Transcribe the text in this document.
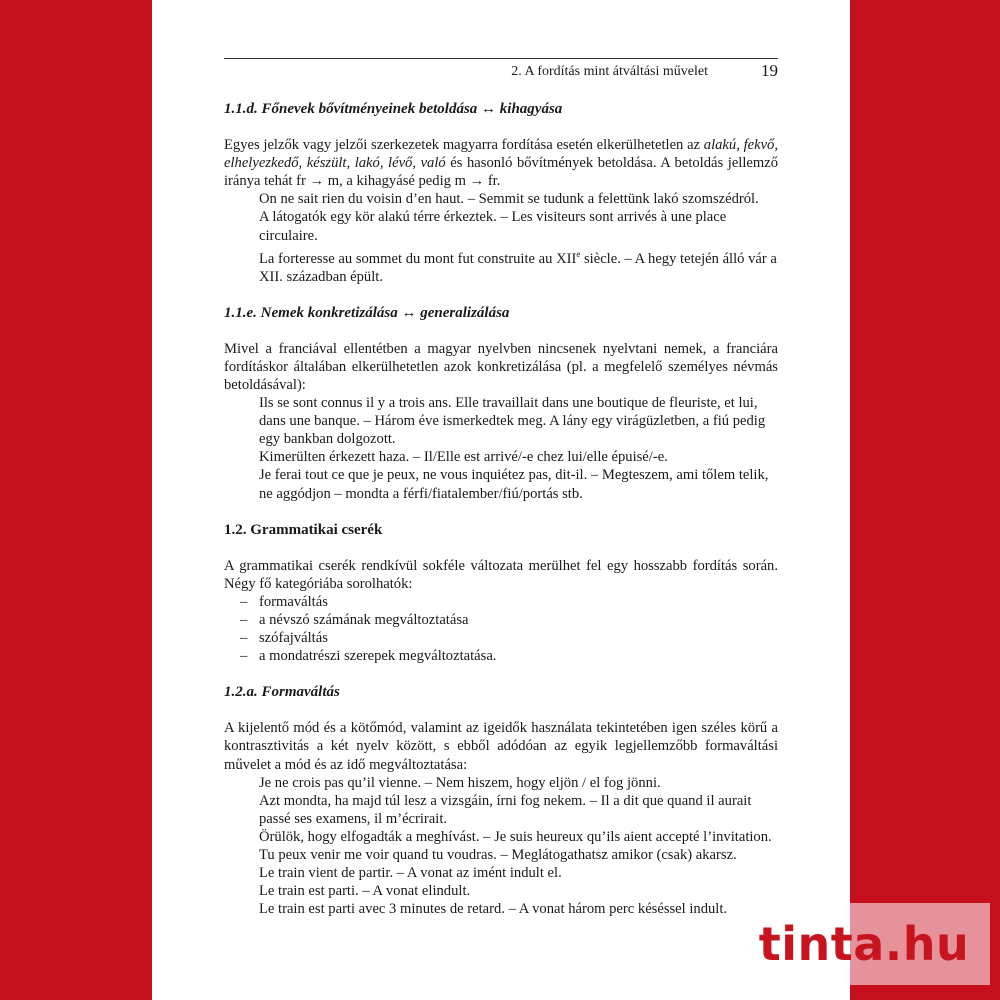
2. A fordítás mint átváltási művelet	19

1.1.d. Főnevek bővítményeinek betoldása ↔ kihagyása

Egyes jelzők vagy jelzői szerkezetek magyarra fordítása esetén elkerülhetetlen az alakú, fekvő, elhelyezkedő, készült, lakó, lévő, való és hasonló bővítmények betoldása. A betoldás jellemző iránya tehát fr → m, a kihagyásé pedig m → fr.

On ne sait rien du voisin d’en haut. – Semmit se tudunk a felettünk lakó szomszédról.

A látogatók egy kör alakú térre érkeztek. – Les visiteurs sont arrivés à une place circulaire.

La forteresse au sommet du mont fut construite au XIIe siècle. – A hegy tetején álló vár a XII. században épült.

1.1.e. Nemek konkretizálása ↔ generalizálása

Mivel a franciával ellentétben a magyar nyelvben nincsenek nyelvtani nemek, a franciára fordításkor általában elkerülhetetlen azok konkretizálása (pl. a megfelelő személyes névmás betoldásával):

Ils se sont connus il y a trois ans. Elle travaillait dans une boutique de fleuriste, et lui, dans une banque. – Három éve ismerkedtek meg. A lány egy virágüzletben, a fiú pedig egy bankban dolgozott.

Kimerülten érkezett haza. – Il/Elle est arrivé/-e chez lui/elle épuisé/-e.

Je ferai tout ce que je peux, ne vous inquiétez pas, dit-il. – Megteszem, ami tőlem telik, ne aggódjon – mondta a férfi/fiatalember/fiú/portás stb.

1.2. Grammatikai cserék

A grammatikai cserék rendkívül sokféle változata merülhet fel egy hosszabb fordítás során. Négy fő kategóriába sorolhatók:

– formaváltás
– a névszó számának megváltoztatása
– szófajváltás
– a mondatrészi szerepek megváltoztatása.

1.2.a. Formaváltás

A kijelentő mód és a kötőmód, valamint az igeidők használata tekintetében igen széles körű a kontrasztivitás a két nyelv között, s ebből adódóan az egyik legjellemzőbb formaváltási művelet a mód és az idő megváltoztatása:

Je ne crois pas qu’il vienne. – Nem hiszem, hogy eljön / el fog jönni.

Azt mondta, ha majd túl lesz a vizsgáin, írni fog nekem. – Il a dit que quand il aurait passé ses examens, il m’écrirait.

Örülök, hogy elfogadták a meghívást. – Je suis heureux qu’ils aient accepté l’invitation.

Tu peux venir me voir quand tu voudras. – Meglátogathatsz amikor (csak) akarsz.

Le train vient de partir. – A vonat az imént indult el.

Le train est parti. – A vonat elindult.

Le train est parti avec 3 minutes de retard. – A vonat három perc késéssel indult.

tinta.hu
